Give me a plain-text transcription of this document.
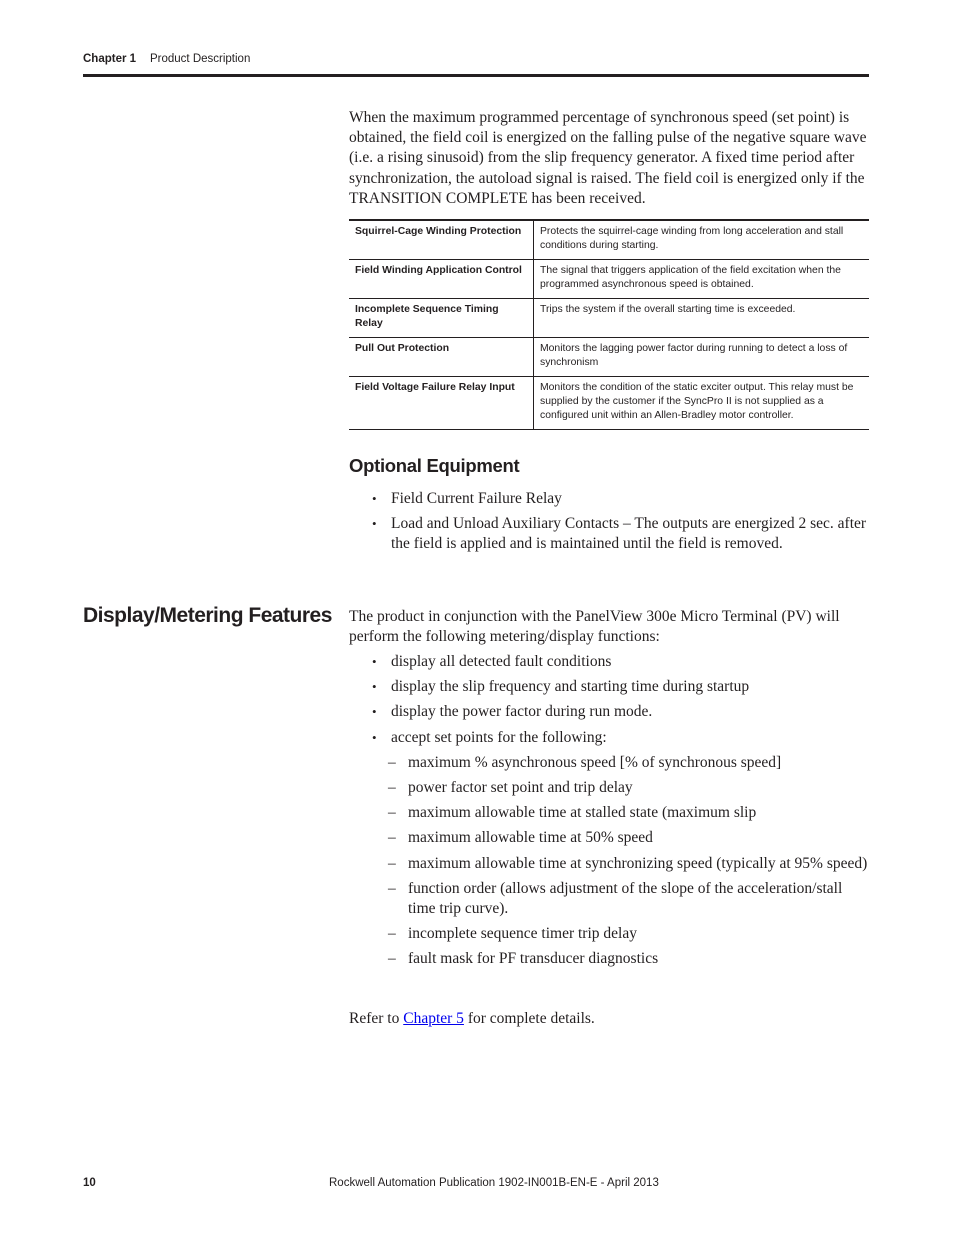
Chapter 1 Product Description

When the maximum programmed percentage of synchronous speed (set point) is obtained, the field coil is energized on the falling pulse of the negative square wave (i.e. a rising sinusoid) from the slip frequency generator. A fixed time period after synchronization, the autoload signal is raised. The field coil is energized only if the TRANSITION COMPLETE has been received.

Squirrel-Cage Winding Protection	Protects the squirrel-cage winding from long acceleration and stall conditions during starting.
Field Winding Application Control	The signal that triggers application of the field excitation when the programmed asynchronous speed is obtained.
Incomplete Sequence Timing Relay	Trips the system if the overall starting time is exceeded.
Pull Out Protection	Monitors the lagging power factor during running to detect a loss of synchronism
Field Voltage Failure Relay Input	Monitors the condition of the static exciter output. This relay must be supplied by the customer if the SyncPro II is not supplied as a configured unit within an Allen-Bradley motor controller.
Optional Equipment
• Field Current Failure Relay
• Load and Unload Auxiliary Contacts – The outputs are energized 2 sec. after the field is applied and is maintained until the field is removed.
Display/Metering Features The product in conjunction with the PanelView 300e Micro Terminal (PV) will perform the following metering/display functions:

• display all detected fault conditions
• display the slip frequency and starting time during startup
• display the power factor during run mode.
• accept set points for the following:
– maximum % asynchronous speed [% of synchronous speed]
– power factor set point and trip delay
– maximum allowable time at stalled state (maximum slip
– maximum allowable time at 50% speed
– maximum allowable time at synchronizing speed (typically at 95% speed)
– function order (allows adjustment of the slope of the acceleration/stall time trip curve).
– incomplete sequence timer trip delay
– fault mask for PF transducer diagnostics

Refer to Chapter 5 for complete details.

10	Rockwell Automation Publication 1902-IN001B-EN-E - April 2013
